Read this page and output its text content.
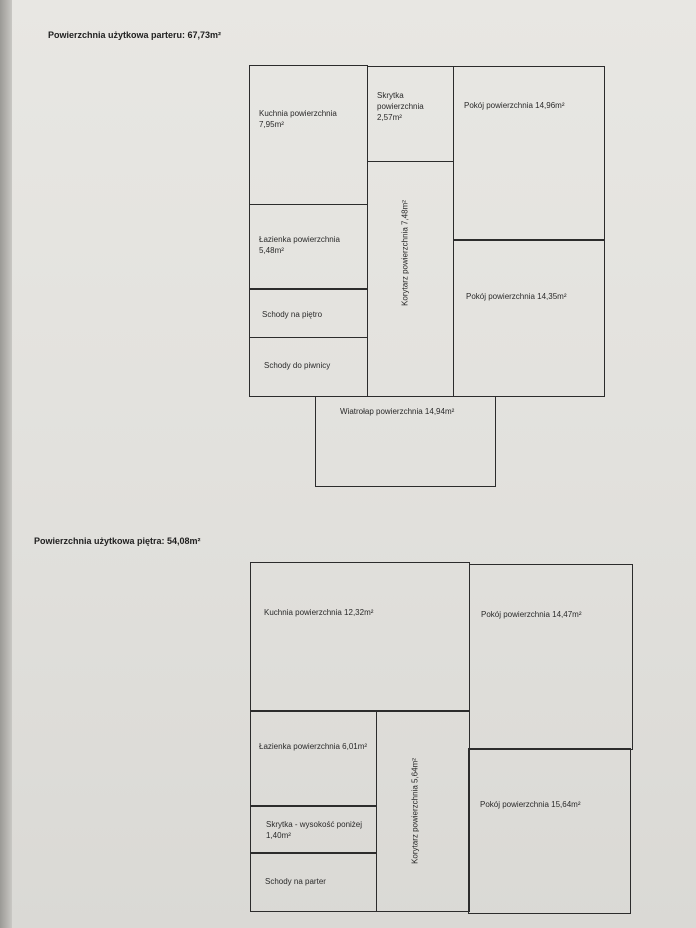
Powierzchnia użytkowa parteru: 67,73m²
Kuchnia powierzchnia 7,95m²
Skrytka powierzchnia 2,57m²
Pokój powierzchnia 14,96m²
Łazienka powierzchnia 5,48m²	Korytarz powierzchnia 7,48m²	Pokój powierzchnia 14,35m²
Schody na piętro
Schody do piwnicy
Wiatrołap powierzchnia 14,94m²
Powierzchnia użytkowa piętra: 54,08m²
Kuchnia powierzchnia 12,32m²	Pokój powierzchnia 14,47m²
Łazienka powierzchnia 6,01m²
Korytarz powierzchnia 5,64m²
Skrytka - wysokość poniżej 1,40m²
Pokój powierzchnia 15,64m²
Schody na parter
